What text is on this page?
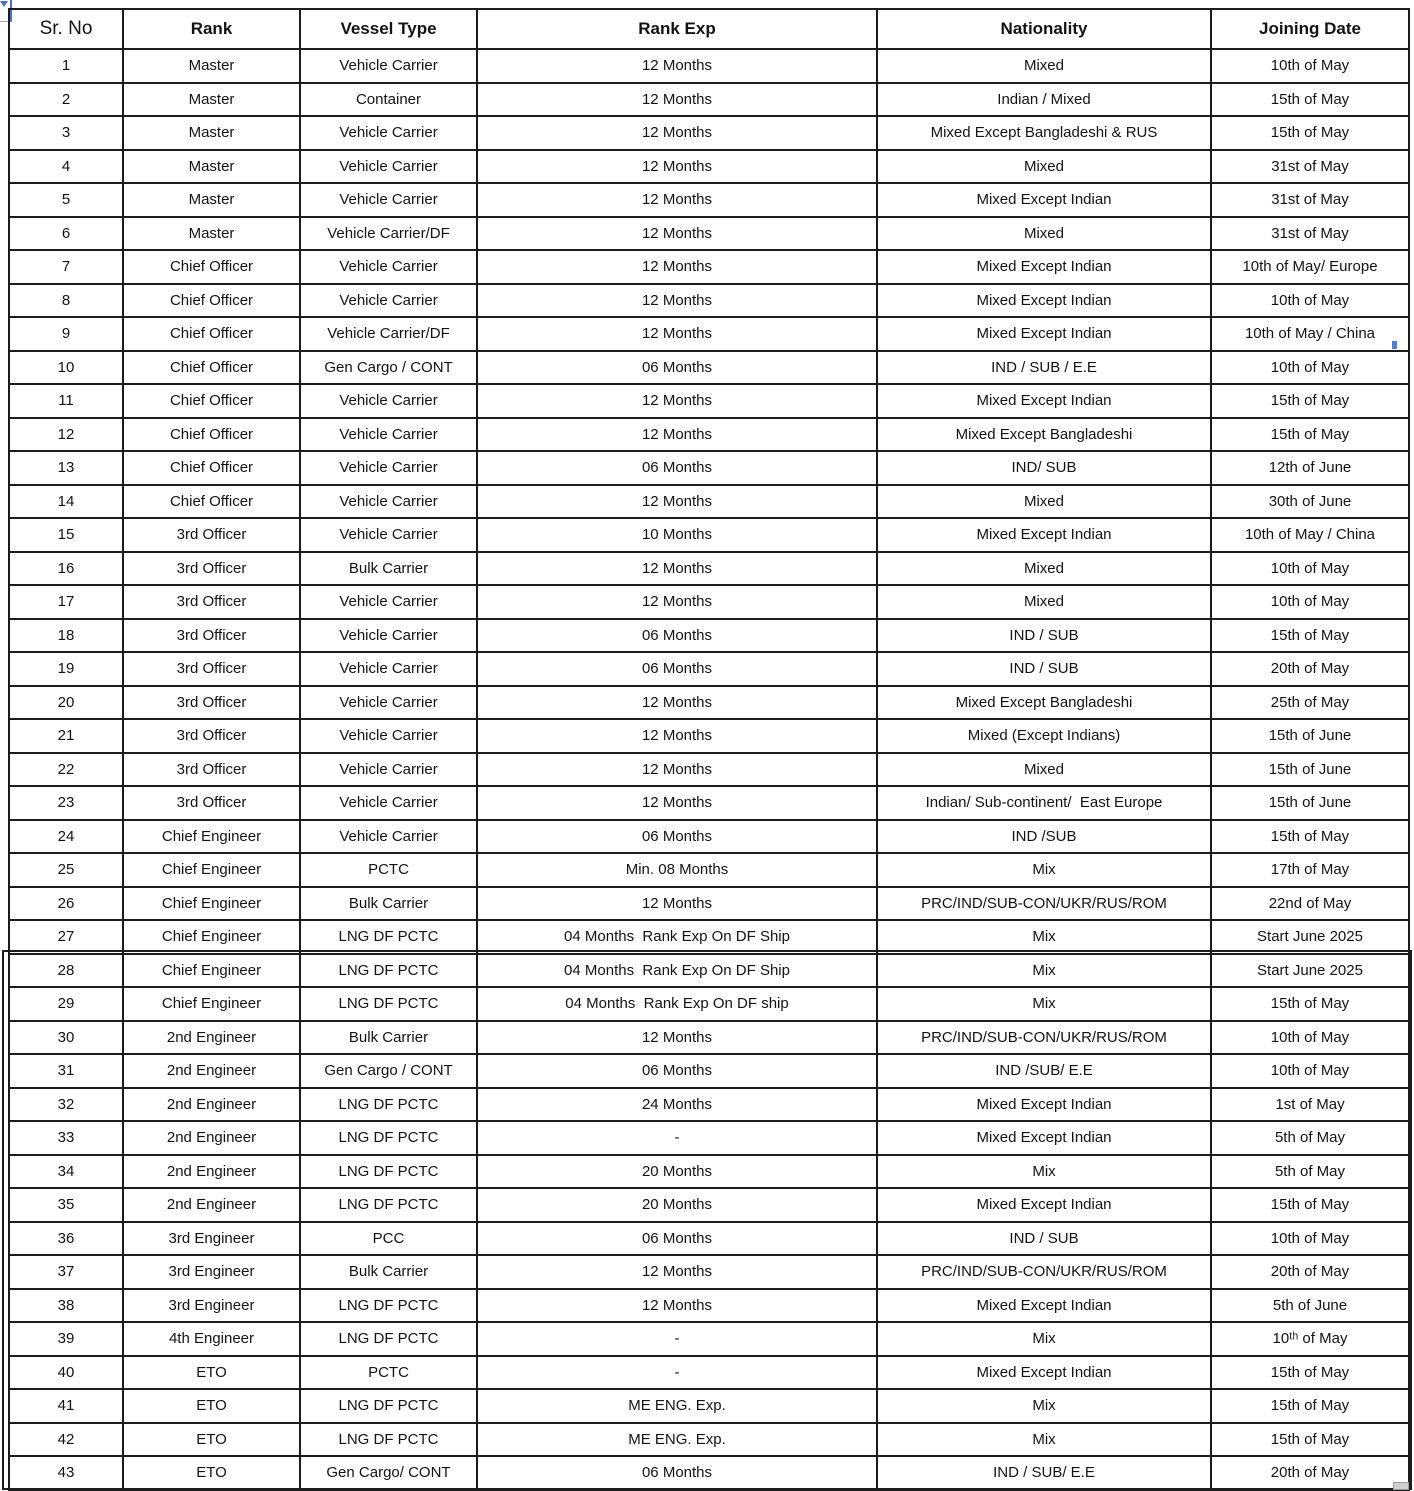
Sr. No	Rank	Vessel Type	Rank Exp	Nationality	Joining Date
1	Master	Vehicle Carrier	12 Months	Mixed	10th of May
2	Master	Container	12 Months	Indian / Mixed	15th of May
3	Master	Vehicle Carrier	12 Months	Mixed Except Bangladeshi & RUS	15th of May
4	Master	Vehicle Carrier	12 Months	Mixed	31st of May
5	Master	Vehicle Carrier	12 Months	Mixed Except Indian	31st of May
6	Master	Vehicle Carrier/DF	12 Months	Mixed	31st of May
7	Chief Officer	Vehicle Carrier	12 Months	Mixed Except Indian	10th of May/ Europe
8	Chief Officer	Vehicle Carrier	12 Months	Mixed Except Indian	10th of May
9	Chief Officer	Vehicle Carrier/DF	12 Months	Mixed Except Indian	10th of May / China
10	Chief Officer	Gen Cargo / CONT	06 Months	IND / SUB / E.E	10th of May
11	Chief Officer	Vehicle Carrier	12 Months	Mixed Except Indian	15th of May
12	Chief Officer	Vehicle Carrier	12 Months	Mixed Except Bangladeshi	15th of May
13	Chief Officer	Vehicle Carrier	06 Months	IND/ SUB	12th of June
14	Chief Officer	Vehicle Carrier	12 Months	Mixed	30th of June
15	3rd Officer	Vehicle Carrier	10 Months	Mixed Except Indian	10th of May / China
16	3rd Officer	Bulk Carrier	12 Months	Mixed	10th of May
17	3rd Officer	Vehicle Carrier	12 Months	Mixed	10th of May
18	3rd Officer	Vehicle Carrier	06 Months	IND / SUB	15th of May
19	3rd Officer	Vehicle Carrier	06 Months	IND / SUB	20th of May
20	3rd Officer	Vehicle Carrier	12 Months	Mixed Except Bangladeshi	25th of May
21	3rd Officer	Vehicle Carrier	12 Months	Mixed (Except Indians)	15th of June
22	3rd Officer	Vehicle Carrier	12 Months	Mixed	15th of June
23	3rd Officer	Vehicle Carrier	12 Months	Indian/ Sub-continent/  East Europe	15th of June
24	Chief Engineer	Vehicle Carrier	06 Months	IND /SUB	15th of May
25	Chief Engineer	PCTC	Min. 08 Months	Mix	17th of May
26	Chief Engineer	Bulk Carrier	12 Months	PRC/IND/SUB-CON/UKR/RUS/ROM	22nd of May
27	Chief Engineer	LNG DF PCTC	04 Months  Rank Exp On DF Ship	Mix	Start June 2025
28	Chief Engineer	LNG DF PCTC	04 Months  Rank Exp On DF Ship	Mix	Start June 2025
29	Chief Engineer	LNG DF PCTC	04 Months  Rank Exp On DF ship	Mix	15th of May
30	2nd Engineer	Bulk Carrier	12 Months	PRC/IND/SUB-CON/UKR/RUS/ROM	10th of May
31	2nd Engineer	Gen Cargo / CONT	06 Months	IND /SUB/ E.E	10th of May
32	2nd Engineer	LNG DF PCTC	24 Months	Mixed Except Indian	1st of May
33	2nd Engineer	LNG DF PCTC	-	Mixed Except Indian	5th of May
34	2nd Engineer	LNG DF PCTC	20 Months	Mix	5th of May
35	2nd Engineer	LNG DF PCTC	20 Months	Mixed Except Indian	15th of May
36	3rd Engineer	PCC	06 Months	IND / SUB	10th of May
37	3rd Engineer	Bulk Carrier	12 Months	PRC/IND/SUB-CON/UKR/RUS/ROM	20th of May
38	3rd Engineer	LNG DF PCTC	12 Months	Mixed Except Indian	5th of June
39	4th Engineer	LNG DF PCTC	-	Mix	10ᵗʰ of May
40	ETO	PCTC	-	Mixed Except Indian	15th of May
41	ETO	LNG DF PCTC	ME ENG. Exp.	Mix	15th of May
42	ETO	LNG DF PCTC	ME ENG. Exp.	Mix	15th of May
43	ETO	Gen Cargo/ CONT	06 Months	IND / SUB/ E.E	20th of May
